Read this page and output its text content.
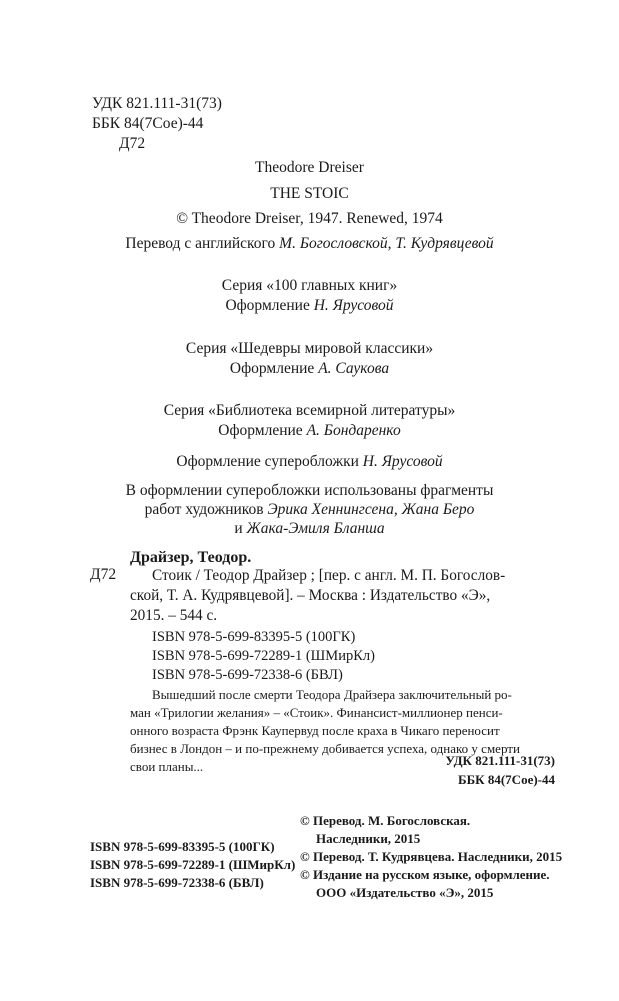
УДК 821.111-31(73)
ББК 84(7Сое)-44
Д72
Theodore Dreiser
THE STOIC
© Theodore Dreiser, 1947. Renewed, 1974
Перевод с английского М. Богословской, Т. Кудрявцевой
Серия «100 главных книг»
Оформление Н. Ярусовой
Серия «Шедевры мировой классики»
Оформление А. Саукова
Серия «Библиотека всемирной литературы»
Оформление А. Бондаренко
Оформление суперобложки Н. Ярусовой
В оформлении суперобложки использованы фрагменты
работ художников Эрика Хеннингсена, Жана Беро
и Жака-Эмиля Бланша
Драйзер, Теодор.
Д72 Стоик / Теодор Драйзер ; [пер. с англ. М. П. Богослов-
ской, Т. А. Кудрявцевой]. – Москва : Издательство «Э»,
2015. – 544 с.
ISBN 978-5-699-83395-5 (100ГК)
ISBN 978-5-699-72289-1 (ШМирКл)
ISBN 978-5-699-72338-6 (БВЛ)
Вышедший после смерти Теодора Драйзера заключительный ро-
ман «Трилогии желания» – «Стоик». Финансист-миллионер пенси-
онного возраста Фрэнк Каупервуд после краха в Чикаго переносит
бизнес в Лондон – и по-прежнему добивается успеха, однако у смерти
свои планы...	УДК 821.111-31(73)
ББК 84(7Сое)-44
ISBN 978-5-699-83395-5 (100ГК)
ISBN 978-5-699-72289-1 (ШМирКл)
ISBN 978-5-699-72338-6 (БВЛ)
© Перевод. М. Богословская.
Наследники, 2015
© Перевод. Т. Кудрявцева. Наследники, 2015
© Издание на русском языке, оформление.
ООО «Издательство «Э», 2015
